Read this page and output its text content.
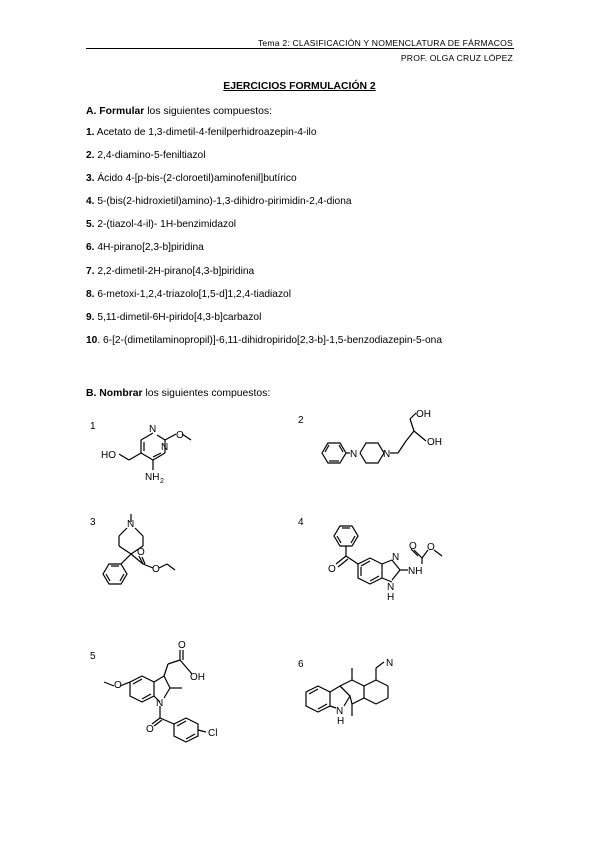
Tema 2: CLASIFICACIÓN Y NOMENCLATURA DE FÁRMACOS
PROF. OLGA CRUZ LÓPEZ
EJERCICIOS FORMULACIÓN 2
A. Formular los siguientes compuestos:
1. Acetato de 1,3-dimetil-4-fenilperhidroazepin-4-ilo
2. 2,4-diamino-5-feniltiazol
3. Ácido 4-[p-bis-(2-cloroetil)aminofenil]butírico
4. 5-(bis(2-hidroxietil)amino)-1,3-dihidro-pirimidin-2,4-diona
5. 2-(tiazol-4-il)- 1H-benzimidazol
6. 4H-pirano[2,3-b]piridina
7. 2,2-dimetil-2H-pirano[4,3-b]piridina
8. 6-metoxi-1,2,4-triazolo[1,5-d]1,2,4-tiadiazol
9. 5,11-dimetil-6H-pirido[4,3-b]carbazol
10. 6-[2-(dimetilaminopropil)]-6,11-dihidropirido[2,3-b]-1,5-benzodiazepin-5-ona
B. Nombrar los siguientes compuestos:
1	N
N
O
HO
NH 2
2
N	N
OH
OH
3	N
O
O
4
O
N
NH
N
H
O O
5
O
OH
O
N
O	Cl
6	N
N
H
